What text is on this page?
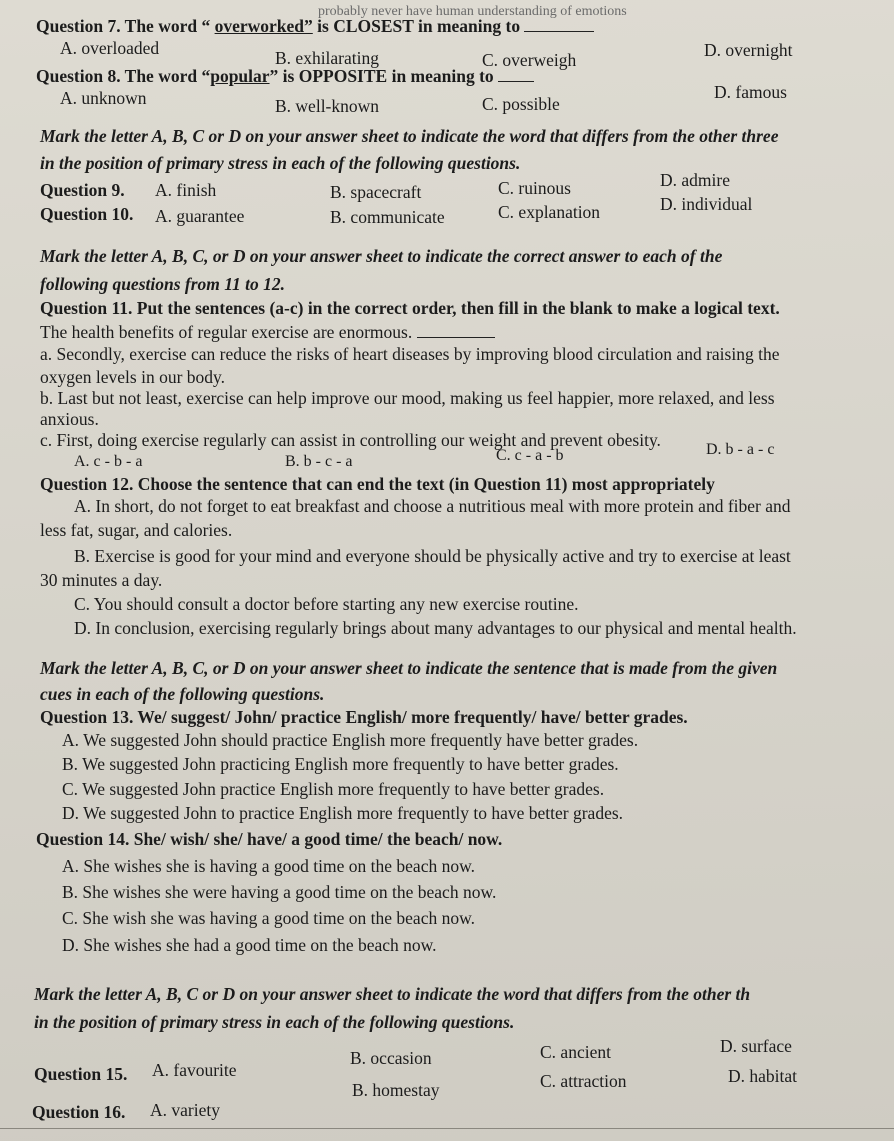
probably never have human understanding of emotions
Question 7. The word “ overworked” is CLOSEST in meaning to
A. overloaded	B. exhilarating	C. overweigh	D. overnight
Question 8. The word “popular” is OPPOSITE in meaning to
A. unknown	B. well-known	C. possible
D. famous
Mark the letter A, B, C or D on your answer sheet to indicate the word that differs from the other three
in the position of primary stress in each of the following questions.
Question 9. A. finish	B. spacecraft	C. ruinous	D. admire
Question 10. A. guarantee	B. communicate	C. explanation	D. individual
Mark the letter A, B, C, or D on your answer sheet to indicate the correct answer to each of the
following questions from 11 to 12.
Question 11. Put the sentences (a-c) in the correct order, then fill in the blank to make a logical text.
The health benefits of regular exercise are enormous.
a. Secondly, exercise can reduce the risks of heart diseases by improving blood circulation and raising the
oxygen levels in our body.
b. Last but not least, exercise can help improve our mood, making us feel happier, more relaxed, and less
anxious.
c. First, doing exercise regularly can assist in controlling our weight and prevent obesity.
A. c - b - a	B. b - c - a	C. c - a - b	D. b - a - c
Question 12. Choose the sentence that can end the text (in Question 11) most appropriately
A. In short, do not forget to eat breakfast and choose a nutritious meal with more protein and fiber and
less fat, sugar, and calories.
B. Exercise is good for your mind and everyone should be physically active and try to exercise at least
30 minutes a day.
C. You should consult a doctor before starting any new exercise routine.
D. In conclusion, exercising regularly brings about many advantages to our physical and mental health.
Mark the letter A, B, C, or D on your answer sheet to indicate the sentence that is made from the given
cues in each of the following questions.
Question 13. We/ suggest/ John/ practice English/ more frequently/ have/ better grades.
A. We suggested John should practice English more frequently have better grades.
B. We suggested John practicing English more frequently to have better grades.
C. We suggested John practice English more frequently to have better grades.
D. We suggested John to practice English more frequently to have better grades.
Question 14. She/ wish/ she/ have/ a good time/ the beach/ now.
A. She wishes she is having a good time on the beach now.
B. She wishes she were having a good time on the beach now.
C. She wish she was having a good time on the beach now.
D. She wishes she had a good time on the beach now.
Mark the letter A, B, C or D on your answer sheet to indicate the word that differs from the other th
in the position of primary stress in each of the following questions.
Question 15. A. favourite
B. occasion	C. ancient	D. surface
Question 16. A. variety
B. homestay	C. attraction	D. habitat
